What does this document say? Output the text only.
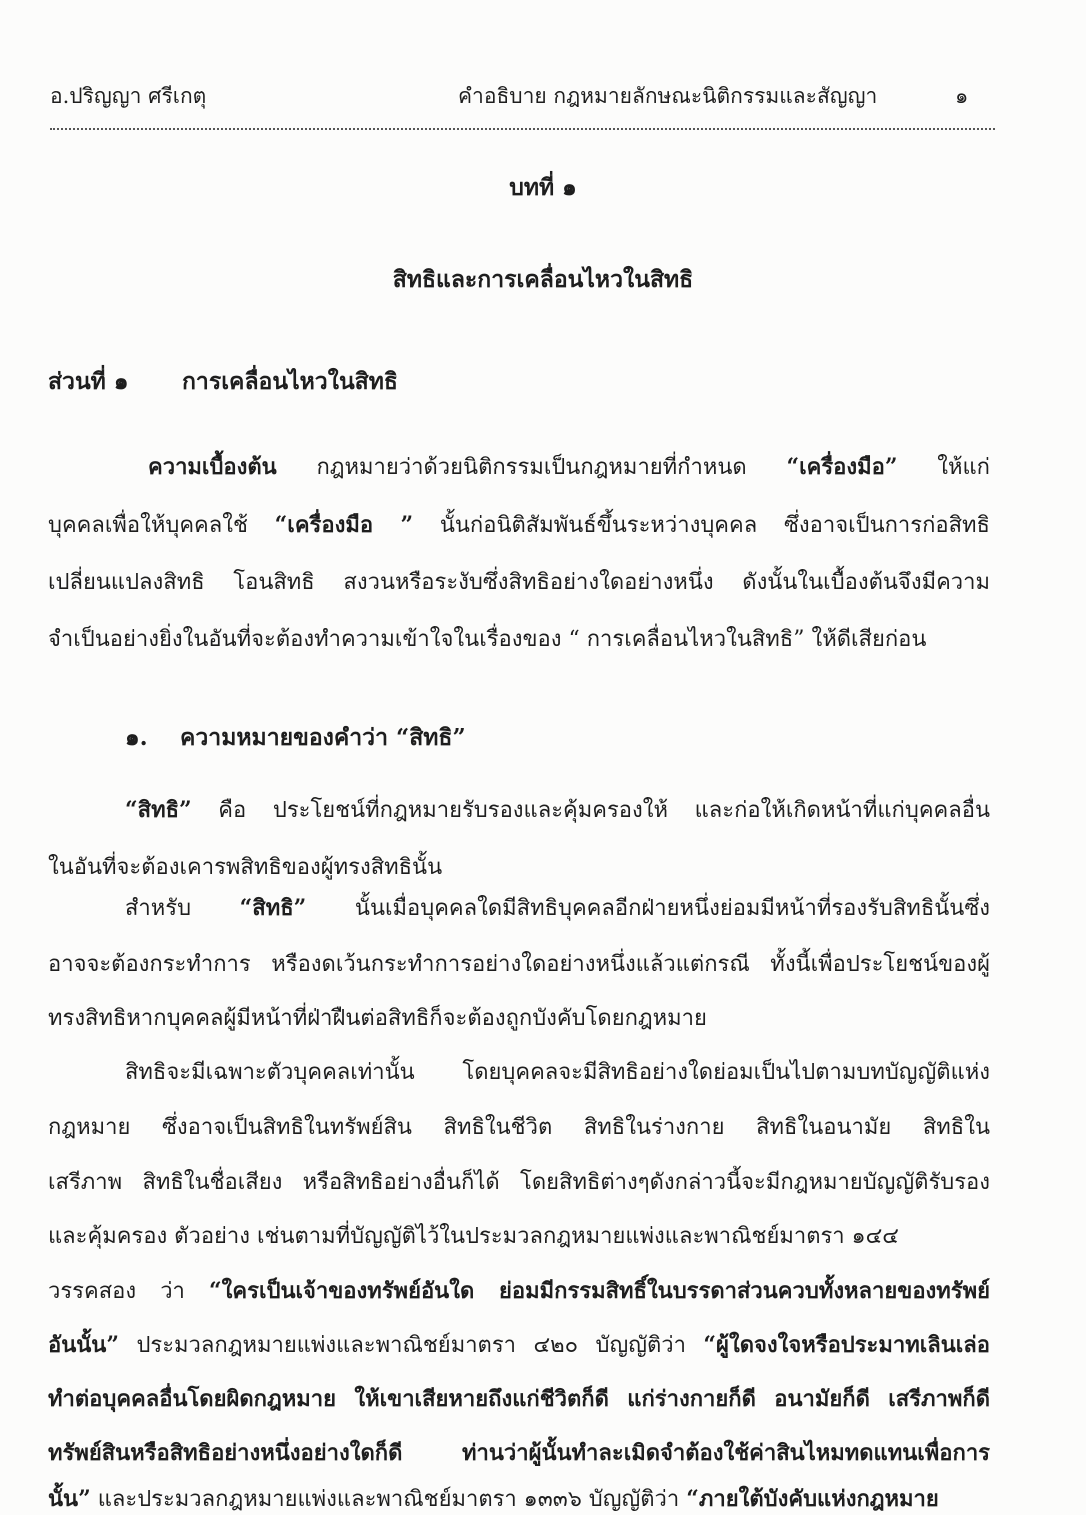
อ.ปริญญา ศรีเกตุ	คำอธิบาย กฎหมายลักษณะนิติกรรมและสัญญา	๑
บทที่ ๑
สิทธิและการเคลื่อนไหวในสิทธิ
ส่วนที่ ๑ การเคลื่อนไหวในสิทธิ
๑. ความหมายของคำว่า “สิทธิ”
ความเบื้องต้น กฎหมายว่าด้วยนิติกรรมเป็นกฎหมายที่กำหนด “เครื่องมือ” ให้แก่
บุคคลเพื่อให้บุคคลใช้ “เครื่องมือ ” นั้นก่อนิติสัมพันธ์ขึ้นระหว่างบุคคล ซึ่งอาจเป็นการก่อสิทธิ
เปลี่ยนแปลงสิทธิ โอนสิทธิ สงวนหรือระงับซึ่งสิทธิอย่างใดอย่างหนึ่ง ดังนั้นในเบื้องต้นจึงมีความ
จำเป็นอย่างยิ่งในอันที่จะต้องทำความเข้าใจในเรื่องของ “ การเคลื่อนไหวในสิทธิ” ให้ดีเสียก่อน
“สิทธิ” คือ ประโยชน์ที่กฎหมายรับรองและคุ้มครองให้ และก่อให้เกิดหน้าที่แก่บุคคลอื่น
ในอันที่จะต้องเคารพสิทธิของผู้ทรงสิทธินั้น
สำหรับ “สิทธิ” นั้นเมื่อบุคคลใดมีสิทธิบุคคลอีกฝ่ายหนึ่งย่อมมีหน้าที่รองรับสิทธินั้นซึ่ง
อาจจะต้องกระทำการ หรืองดเว้นกระทำการอย่างใดอย่างหนึ่งแล้วแต่กรณี ทั้งนี้เพื่อประโยชน์ของผู้
ทรงสิทธิหากบุคคลผู้มีหน้าที่ฝ่าฝืนต่อสิทธิก็จะต้องถูกบังคับโดยกฎหมาย
สิทธิจะมีเฉพาะตัวบุคคลเท่านั้น โดยบุคคลจะมีสิทธิอย่างใดย่อมเป็นไปตามบทบัญญัติแห่ง
กฎหมาย ซึ่งอาจเป็นสิทธิในทรัพย์สิน สิทธิในชีวิต สิทธิในร่างกาย สิทธิในอนามัย สิทธิใน
เสรีภาพ สิทธิในชื่อเสียง หรือสิทธิอย่างอื่นก็ได้ โดยสิทธิต่างๆดังกล่าวนี้จะมีกฎหมายบัญญัติรับรอง
และคุ้มครอง ตัวอย่าง เช่นตามที่บัญญัติไว้ในประมวลกฎหมายแพ่งและพาณิชย์มาตรา ๑๔๔
วรรคสอง ว่า “ใครเป็นเจ้าของทรัพย์อันใด ย่อมมีกรรมสิทธิ์ในบรรดาส่วนควบทั้งหลายของทรัพย์
อันนั้น” ประมวลกฎหมายแพ่งและพาณิชย์มาตรา ๔๒๐ บัญญัติว่า “ผู้ใดจงใจหรือประมาทเลินเล่อ
ทำต่อบุคคลอื่นโดยผิดกฎหมาย ให้เขาเสียหายถึงแก่ชีวิตก็ดี แก่ร่างกายก็ดี อนามัยก็ดี เสรีภาพก็ดี
ทรัพย์สินหรือสิทธิอย่างหนึ่งอย่างใดก็ดี ท่านว่าผู้นั้นทำละเมิดจำต้องใช้ค่าสินไหมทดแทนเพื่อการ
นั้น” และประมวลกฎหมายแพ่งและพาณิชย์มาตรา ๑๓๓๖ บัญญัติว่า “ภายใต้บังคับแห่งกฎหมาย
